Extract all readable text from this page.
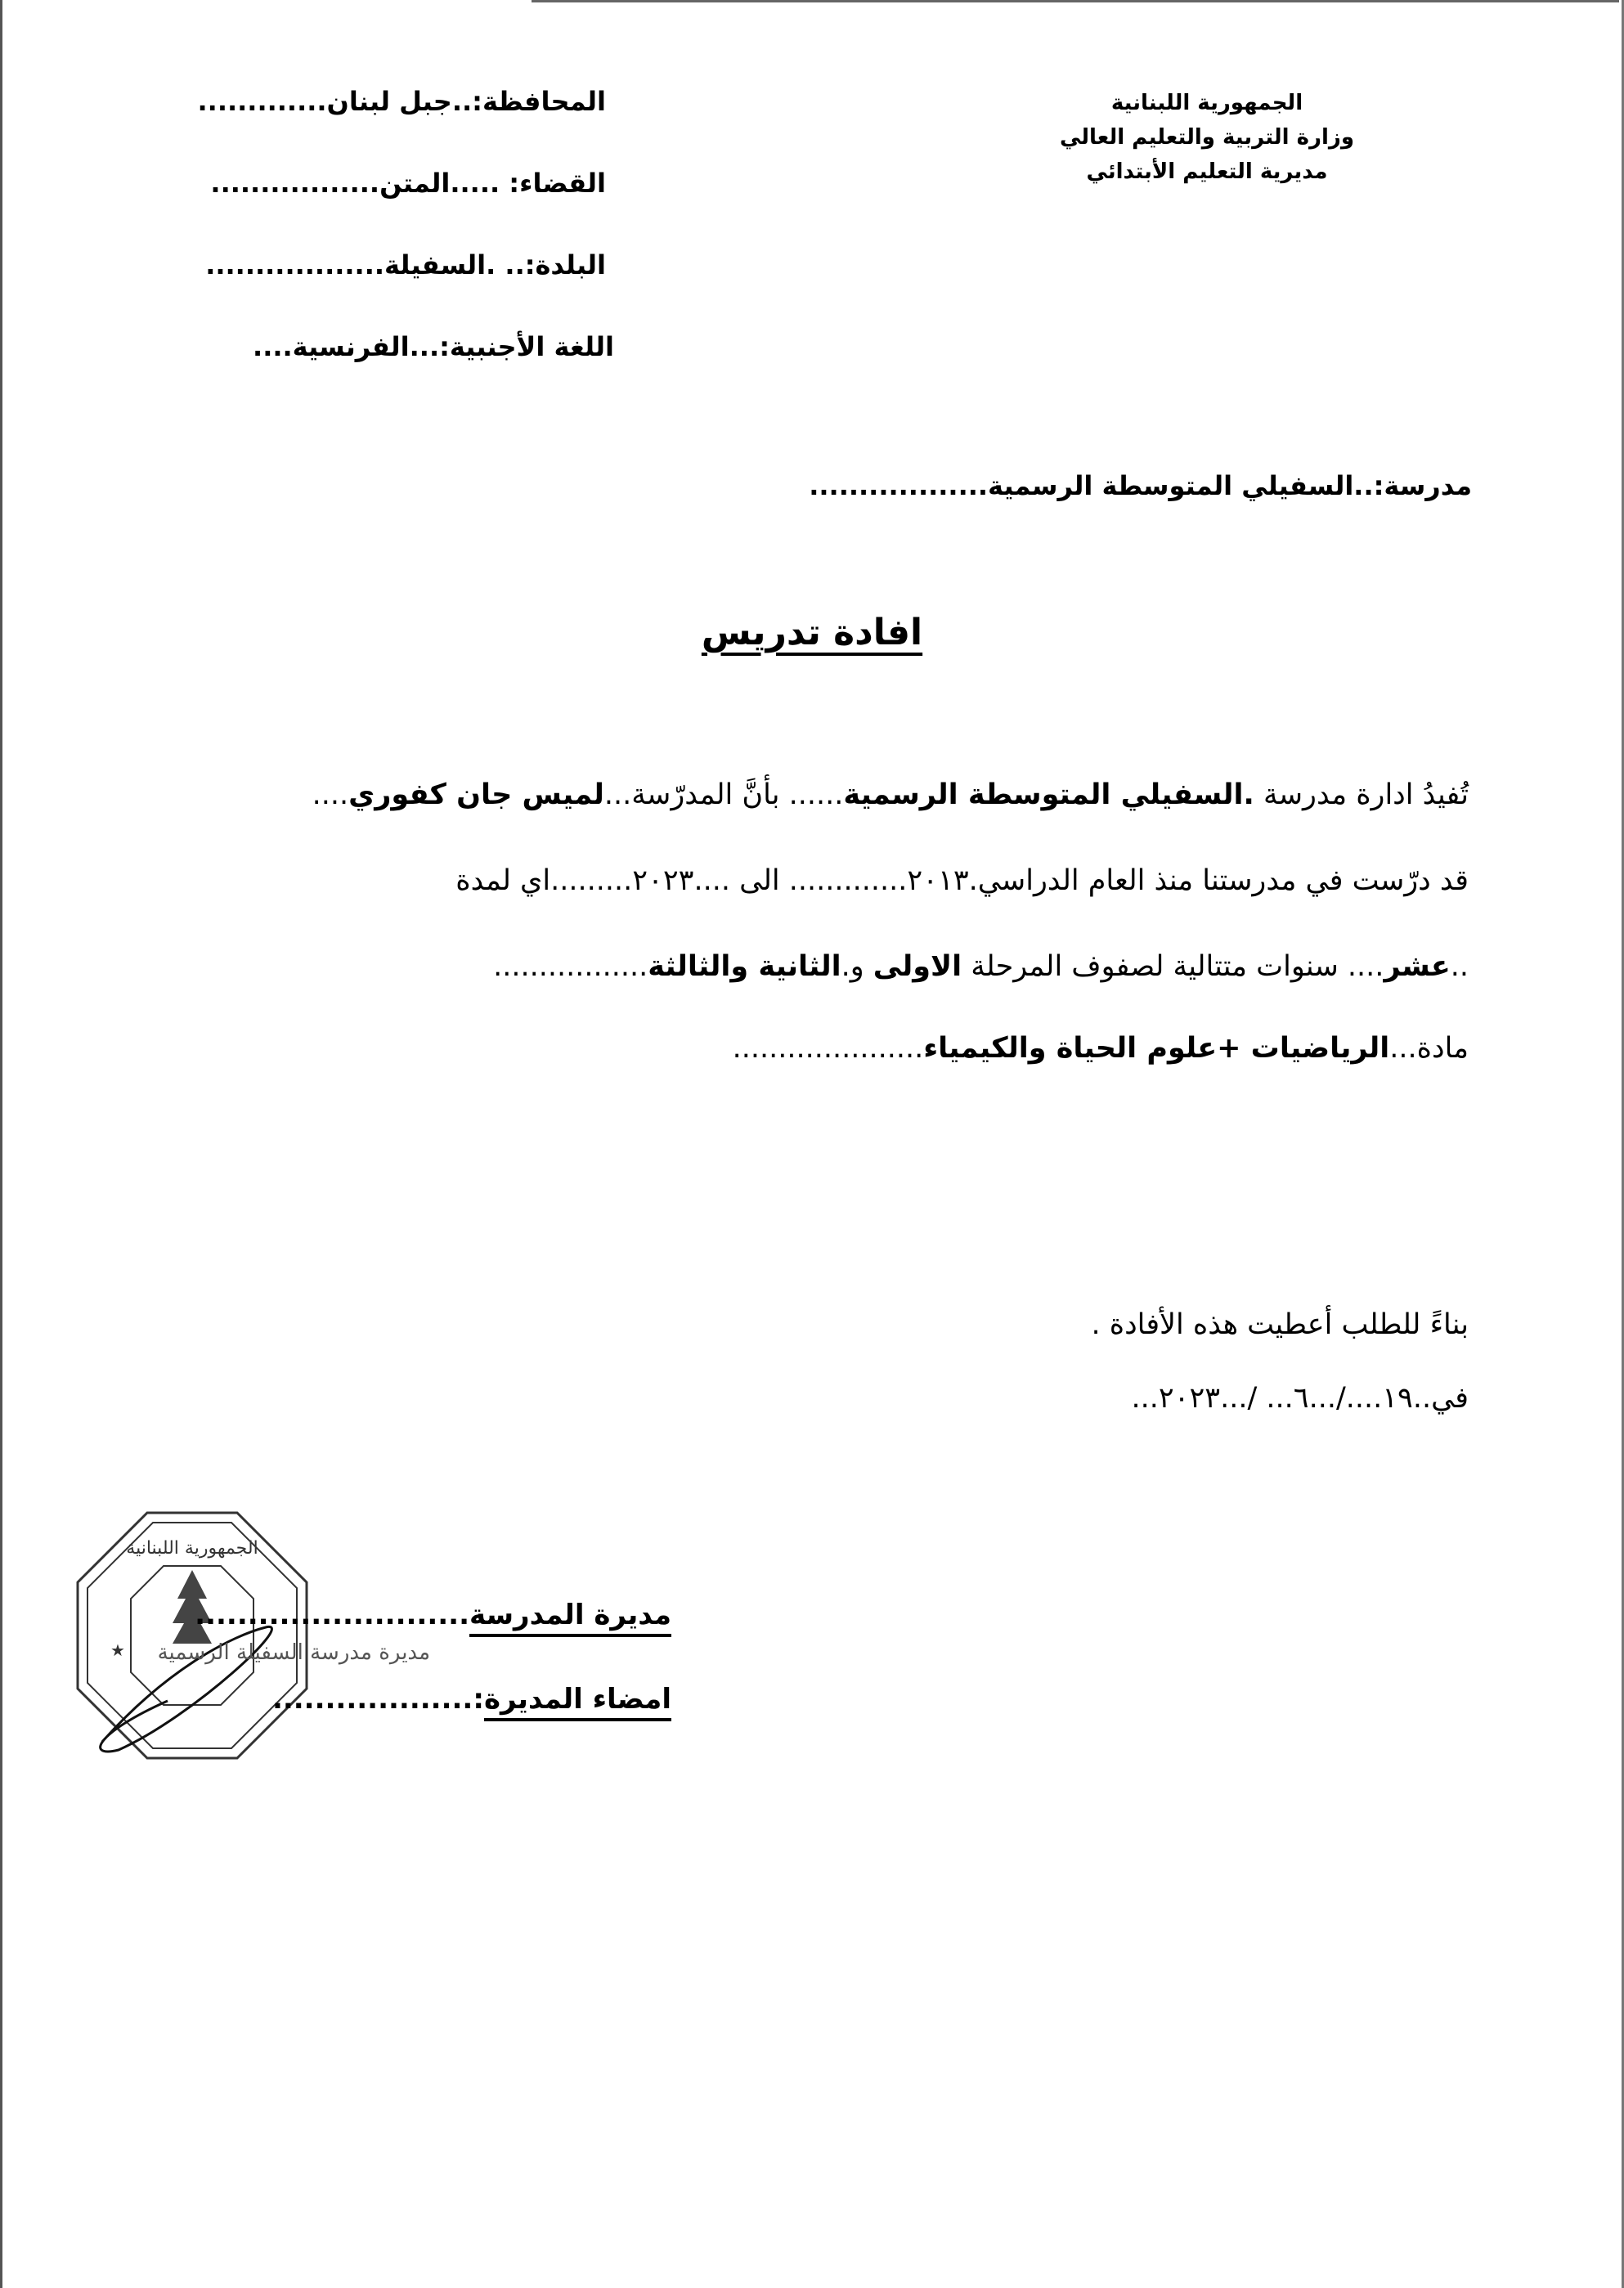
الجمهورية اللبنانية
وزارة التربية والتعليم العالي
مديرية التعليم الأبتدائي
المحافظة:..جبل لبنان.............
القضاء: .....المتن.................
البلدة:.. .السفيلة..................
اللغة الأجنبية:...الفرنسية....
مدرسة:..السفيلي المتوسطة الرسمية..................
افادة تدريس
تُفيدُ ادارة مدرسة .السفيلي المتوسطة الرسمية...... بأنَّ المدرّسة...لميس جان كفوري....
قد درّست في مدرستنا منذ العام الدراسي.٢٠١٣............. الى ....٢٠٢٣.........اي لمدة
..عشر.... سنوات متتالية لصفوف المرحلة الاولى و.الثانية والثالثة.................
مادة...الرياضيات +علوم الحياة والكيمياء.....................
بناءً للطلب أعطيت هذه الأفادة .
في..١٩..../...٦... /...٢٠٢٣...
الجمهورية اللبنانية
★ مديرة مدرسة السفيلة الرسمية
مديرة المدرسة..........................
امضاء المديرة:...................
